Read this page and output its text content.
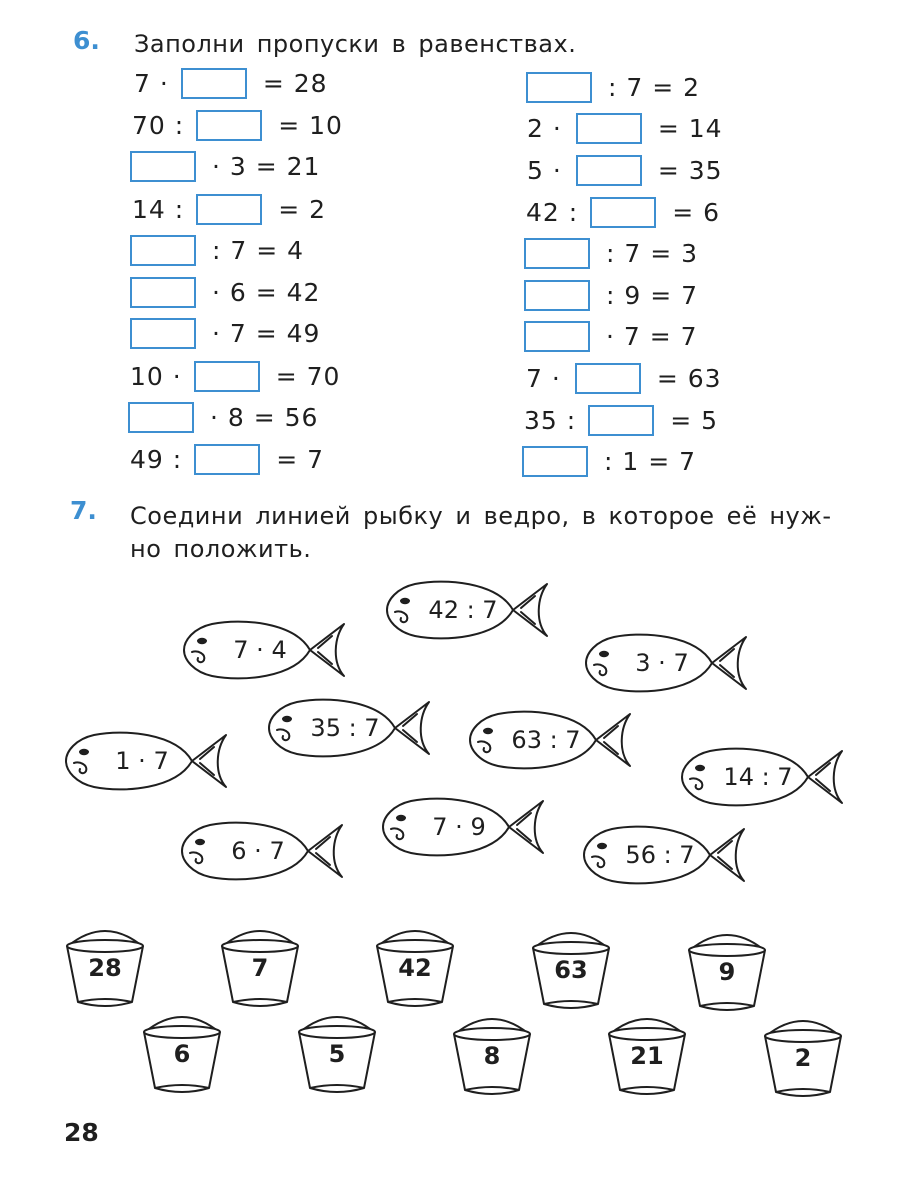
6. Заполни пропуски в равенствах.
7 ·	= 28
70 :	= 10
· 3 = 21
14 :	= 2
: 7 = 4
· 6 = 42
· 7 = 49
10 ·	= 70
· 8 = 56
49 :	= 7
: 7 = 2
2 ·	= 14
5 ·	= 35
42 :	= 6
: 7 = 3
: 9 = 7
· 7 = 7
7 ·	= 63
35 :	= 5
: 1 = 7
7. Соедини линией рыбку и ведро, в которое её нуж-
но положить.
42 : 7
7 · 4	3 · 7
35 : 7	63 : 7
1 · 7
14 : 7
7 · 9
6 · 7	56 : 7
28	7	42	63	9
6	5	8	21	2
28
